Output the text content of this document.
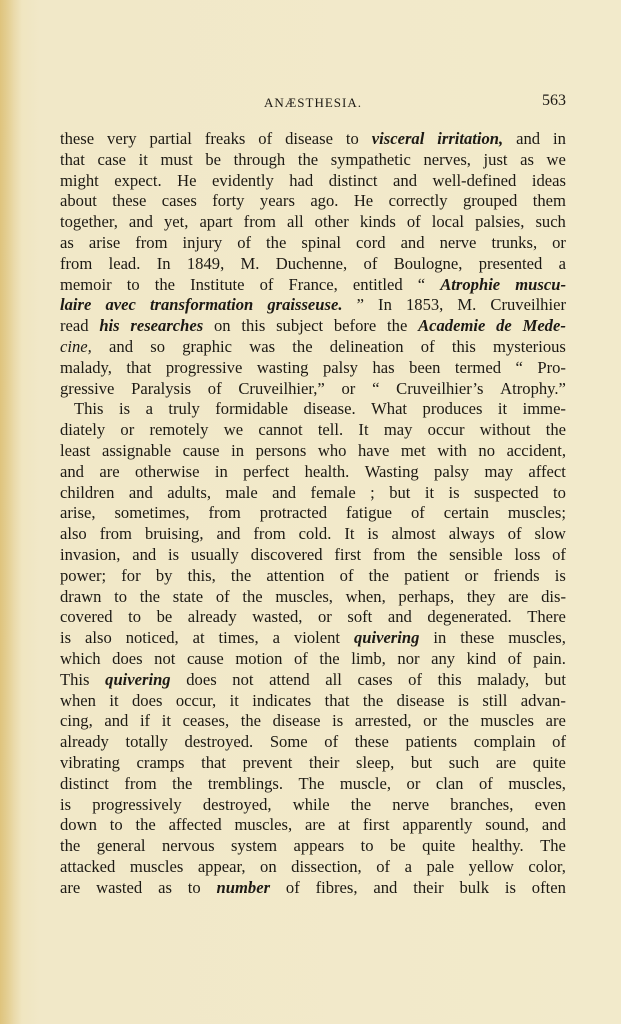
ANÆSTHESIA.	563
these very partial freaks of disease to visceral irritation, and in
that case it must be through the sympathetic nerves, just as we
might expect. He evidently had distinct and well-defined ideas
about these cases forty years ago. He correctly grouped them
together, and yet, apart from all other kinds of local palsies, such
as arise from injury of the spinal cord and nerve trunks, or
from lead. In 1849, M. Duchenne, of Boulogne, presented a
memoir to the Institute of France, entitled “ Atrophie muscu-
laire avec transformation graisseuse. ” In 1853, M. Cruveilhier
read his researches on this subject before the Academie de Mede-
cine, and so graphic was the delineation of this mysterious
malady, that progressive wasting palsy has been termed “ Pro-
gressive Paralysis of Cruveilhier,” or “ Cruveilhier’s Atrophy.”
This is a truly formidable disease. What produces it imme-
diately or remotely we cannot tell. It may occur without the
least assignable cause in persons who have met with no accident,
and are otherwise in perfect health. Wasting palsy may affect
children and adults, male and female ; but it is suspected to
arise, sometimes, from protracted fatigue of certain muscles;
also from bruising, and from cold. It is almost always of slow
invasion, and is usually discovered first from the sensible loss of
power; for by this, the attention of the patient or friends is
drawn to the state of the muscles, when, perhaps, they are dis-
covered to be already wasted, or soft and degenerated. There
is also noticed, at times, a violent quivering in these muscles,
which does not cause motion of the limb, nor any kind of pain.
This quivering does not attend all cases of this malady, but
when it does occur, it indicates that the disease is still advan-
cing, and if it ceases, the disease is arrested, or the muscles are
already totally destroyed. Some of these patients complain of
vibrating cramps that prevent their sleep, but such are quite
distinct from the tremblings. The muscle, or clan of muscles,
is progressively destroyed, while the nerve branches, even
down to the affected muscles, are at first apparently sound, and
the general nervous system appears to be quite healthy. The
attacked muscles appear, on dissection, of a pale yellow color,
are wasted as to number of fibres, and their bulk is often
